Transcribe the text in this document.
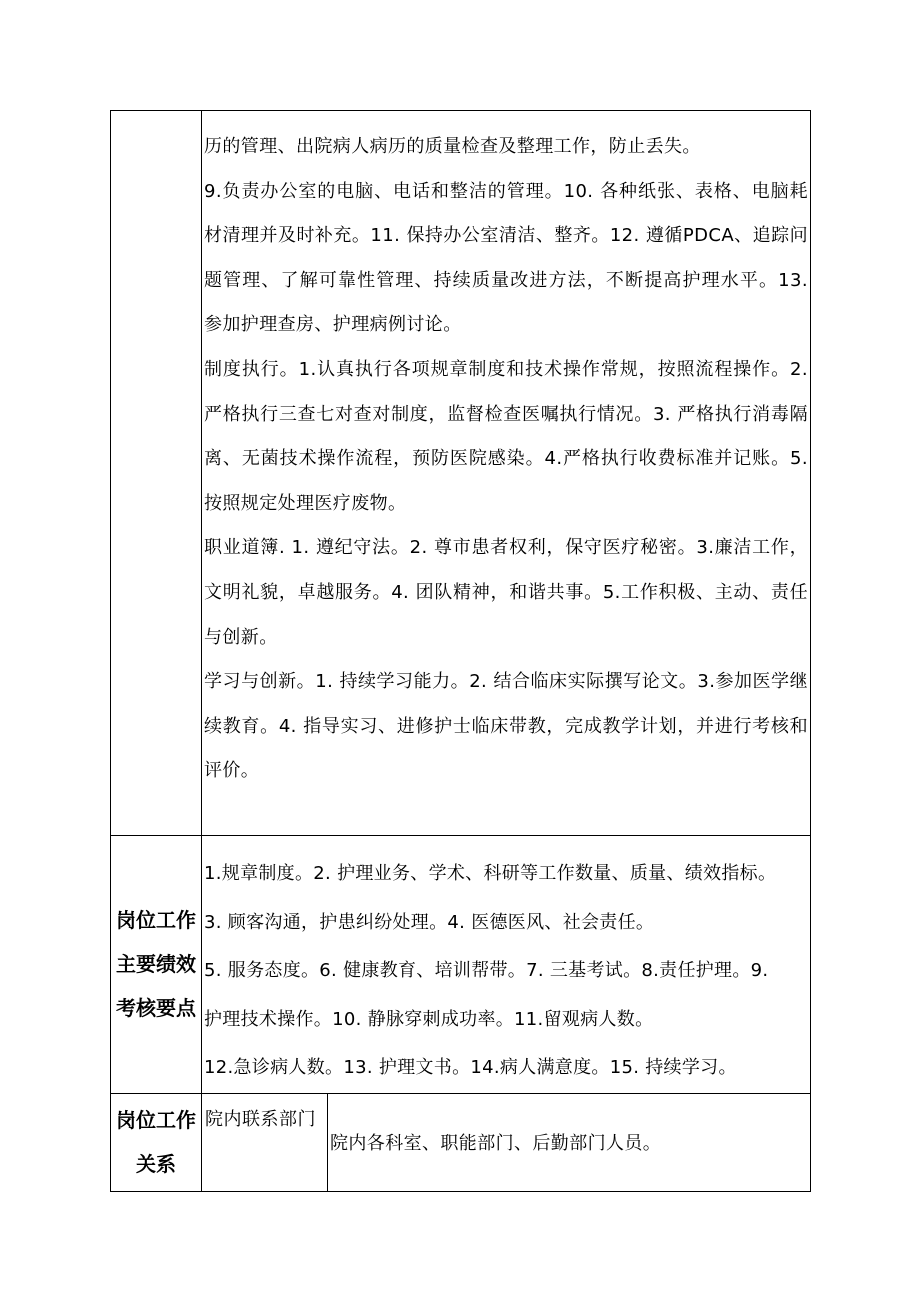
	历的管理、出院病人病历的质量检查及整理工作，防止丢失。

9.负责办公室的电脑、电话和整洁的管理。10. 各种纸张、表格、电脑耗材清理并及时补充。11. 保持办公室清洁、整齐。12. 遵循PDCA、追踪问题管理、了解可靠性管理、持续质量改进方法，不断提高护理水平。13. 参加护理查房、护理病例讨论。

制度执行。1.认真执行各项规章制度和技术操作常规，按照流程操作。2. 严格执行三查七对查对制度，监督检查医嘱执行情况。3. 严格执行消毒隔离、无菌技术操作流程，预防医院感染。4.严格执行收费标准并记账。5.按照规定处理医疗废物。

职业道簿. 1. 遵纪守法。2. 尊市患者权利，保守医疗秘密。3.廉洁工作，文明礼貌，卓越服务。4. 团队精神，和谐共事。5.工作积极、主动、责任与创新。

学习与创新。1. 持续学习能力。2. 结合临床实际撰写论文。3.参加医学继续教育。4. 指导实习、进修护士临床带教，完成教学计划，并进行考核和评价。	

岗位工作主要绩效考核要点	1.规章制度。2. 护理业务、学术、科研等工作数量、质量、绩效指标。

3. 顾客沟通，护患纠纷处理。4. 医德医风、社会责任。

5. 服务态度。6. 健康教育、培训帮带。7. 三基考试。8.责任护理。9.

护理技术操作。10. 静脉穿刺成功率。11.留观病人数。

12.急诊病人数。13. 护理文书。14.病人满意度。15. 持续学习。	

岗位工作关系	院内联系部门	院内各科室、职能部门、后勤部门人员。
